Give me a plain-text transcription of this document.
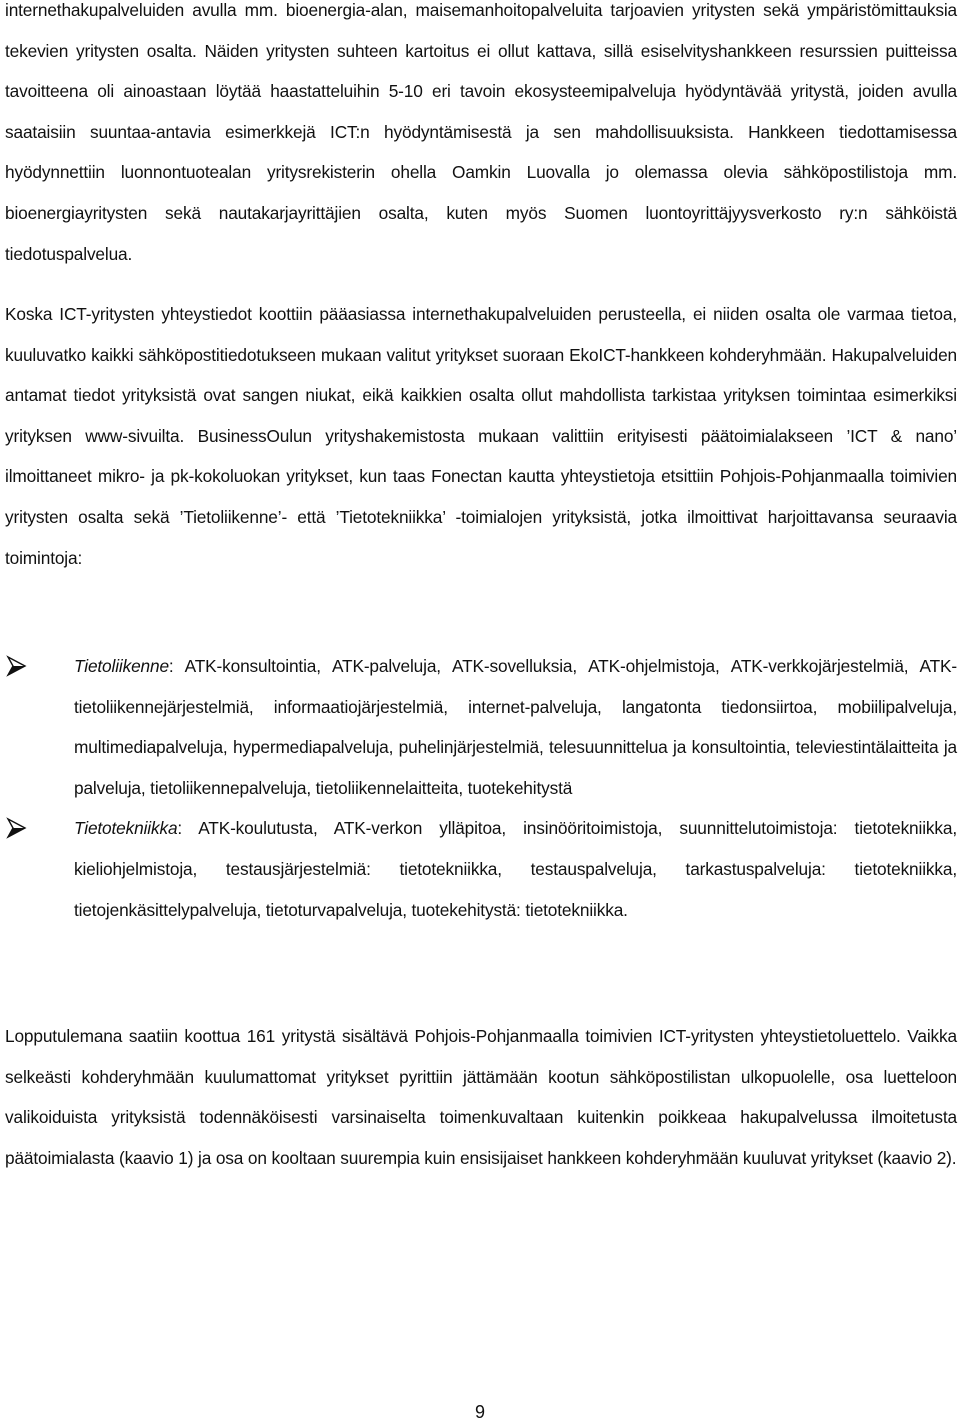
internethakupalveluiden avulla mm. bioenergia-alan, maisemanhoitopalveluita tarjoavien yritysten sekä ympäristömittauksia tekevien yritysten osalta. Näiden yritysten suhteen kartoitus ei ollut kattava, sillä esiselvityshankkeen resurssien puitteissa tavoitteena oli ainoastaan löytää haastatteluihin 5-10 eri tavoin ekosysteemipalveluja hyödyntävää yritystä, joiden avulla saataisiin suuntaa-antavia esimerkkejä ICT:n hyödyntämisestä ja sen mahdollisuuksista. Hankkeen tiedottamisessa hyödynnettiin luonnontuotealan yritysrekisterin ohella Oamkin Luovalla jo olemassa olevia sähköpostilistoja mm. bioenergiayritysten sekä nautakarjayrittäjien osalta, kuten myös Suomen luontoyrittäjyysverkosto ry:n sähköistä tiedotuspalvelua.

Koska ICT-yritysten yhteystiedot koottiin pääasiassa internethakupalveluiden perusteella, ei niiden osalta ole varmaa tietoa, kuuluvatko kaikki sähköpostitiedotukseen mukaan valitut yritykset suoraan EkoICT-hankkeen kohderyhmään. Hakupalveluiden antamat tiedot yrityksistä ovat sangen niukat, eikä kaikkien osalta ollut mahdollista tarkistaa yrityksen toimintaa esimerkiksi yrityksen www-sivuilta. BusinessOulun yrityshakemistosta mukaan valittiin erityisesti päätoimialakseen ’ICT & nano’ ilmoittaneet mikro- ja pk-kokoluokan yritykset, kun taas Fonectan kautta yhteystietoja etsittiin Pohjois-Pohjanmaalla toimivien yritysten osalta sekä ’Tietoliikenne’- että ’Tietotekniikka’ -toimialojen yrityksistä, jotka ilmoittivat harjoittavansa seuraavia toimintoja:

Tietoliikenne: ATK-konsultointia, ATK-palveluja, ATK-sovelluksia, ATK-ohjelmistoja, ATK-verkkojärjestelmiä, ATK-tietoliikennejärjestelmiä, informaatiojärjestelmiä, internet-palveluja, langatonta tiedonsiirtoa, mobiilipalveluja, multimediapalveluja, hypermediapalveluja, puhelinjärjestelmiä, telesuunnittelua ja konsultointia, televiestintälaitteita ja palveluja, tietoliikennepalveluja, tietoliikennelaitteita, tuotekehitystä
Tietotekniikka: ATK-koulutusta, ATK-verkon ylläpitoa, insinööritoimistoja, suunnittelutoimistoja: tietotekniikka, kieliohjelmistoja, testausjärjestelmiä: tietotekniikka, testauspalveluja, tarkastuspalveluja: tietotekniikka, tietojenkäsittelypalveluja, tietoturvapalveluja, tuotekehitystä: tietotekniikka.

Lopputulemana saatiin koottua 161 yritystä sisältävä Pohjois-Pohjanmaalla toimivien ICT-yritysten yhteystietoluettelo. Vaikka selkeästi kohderyhmään kuulumattomat yritykset pyrittiin jättämään kootun sähköpostilistan ulkopuolelle, osa luetteloon valikoiduista yrityksistä todennäköisesti varsinaiselta toimenkuvaltaan kuitenkin poikkeaa hakupalvelussa ilmoitetusta päätoimialasta (kaavio 1) ja osa on kooltaan suurempia kuin ensisijaiset hankkeen kohderyhmään kuuluvat yritykset (kaavio 2).

9
